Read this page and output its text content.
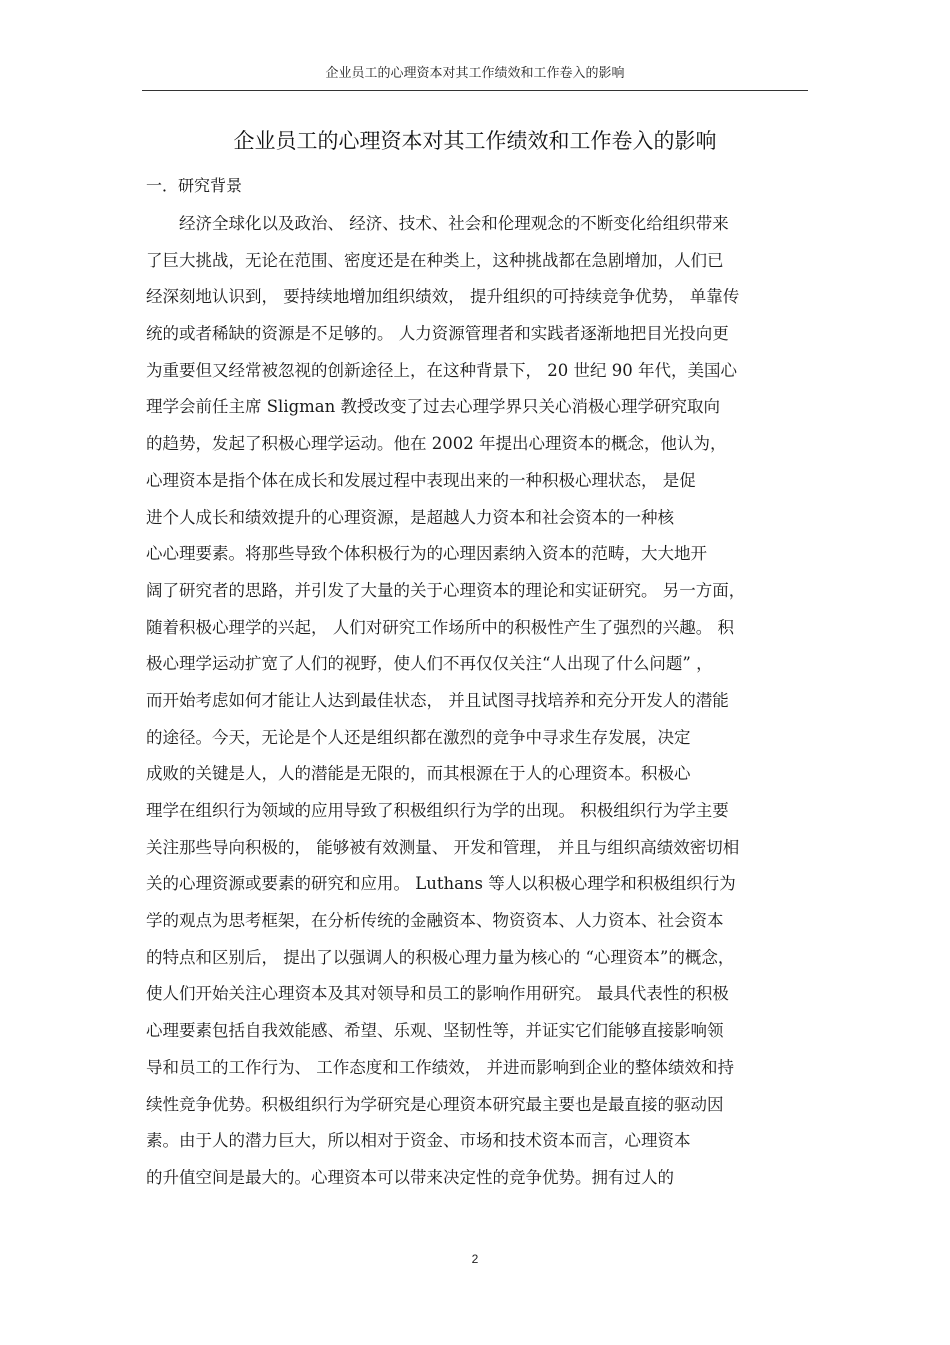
企业员工的心理资本对其工作绩效和工作卷入的影响
企业员工的心理资本对其工作绩效和工作卷入的影响
一．研究背景
经济全球化以及政治、 经济、技术、社会和伦理观念的不断变化给组织带来
了巨大挑战，无论在范围、密度还是在种类上，这种挑战都在急剧增加，人们已
经深刻地认识到， 要持续地增加组织绩效， 提升组织的可持续竞争优势， 单靠传
统的或者稀缺的资源是不足够的。 人力资源管理者和实践者逐渐地把目光投向更
为重要但又经常被忽视的创新途径上，在这种背景下， 20 世纪 90 年代，美国心
理学会前任主席 Sligman 教授改变了过去心理学界只关心消极心理学研究取向
的趋势，发起了积极心理学运动。他在 2002 年提出心理资本的概念，他认为，
心理资本是指个体在成长和发展过程中表现出来的一种积极心理状态， 是促
进个人成长和绩效提升的心理资源，是超越人力资本和社会资本的一种核
心心理要素。将那些导致个体积极行为的心理因素纳入资本的范畴，大大地开
阔了研究者的思路，并引发了大量的关于心理资本的理论和实证研究。 另一方面，
随着积极心理学的兴起， 人们对研究工作场所中的积极性产生了强烈的兴趣。 积
极心理学运动扩宽了人们的视野，使人们不再仅仅关注“人出现了什么问题” ，
而开始考虑如何才能让人达到最佳状态， 并且试图寻找培养和充分开发人的潜能
的途径。今天，无论是个人还是组织都在激烈的竞争中寻求生存发展，决定
成败的关键是人，人的潜能是无限的，而其根源在于人的心理资本。积极心
理学在组织行为领域的应用导致了积极组织行为学的出现。 积极组织行为学主要
关注那些导向积极的， 能够被有效测量、 开发和管理， 并且与组织高绩效密切相
关的心理资源或要素的研究和应用。 Luthans 等人以积极心理学和积极组织行为
学的观点为思考框架，在分析传统的金融资本、物资资本、人力资本、社会资本
的特点和区别后， 提出了以强调人的积极心理力量为核心的 “心理资本”的概念，
使人们开始关注心理资本及其对领导和员工的影响作用研究。 最具代表性的积极
心理要素包括自我效能感、希望、乐观、坚韧性等，并证实它们能够直接影响领
导和员工的工作行为、 工作态度和工作绩效， 并进而影响到企业的整体绩效和持
续性竞争优势。积极组织行为学研究是心理资本研究最主要也是最直接的驱动因
素。由于人的潜力巨大，所以相对于资金、市场和技术资本而言，心理资本
的升值空间是最大的。心理资本可以带来决定性的竞争优势。拥有过人的
2
